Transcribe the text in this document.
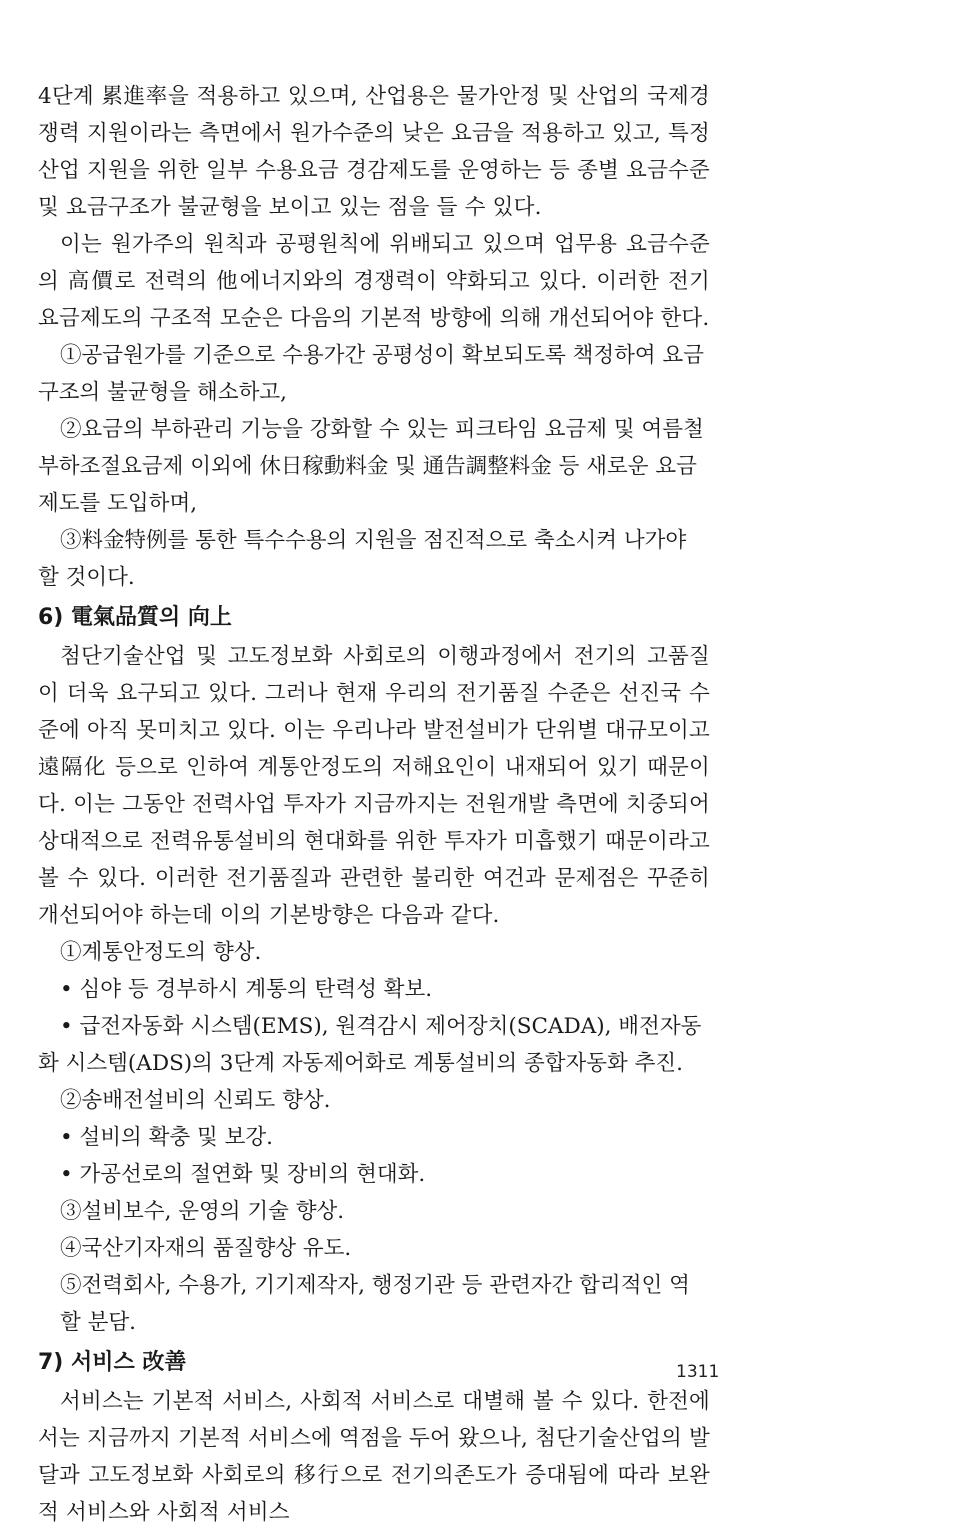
4단계 累進率을 적용하고 있으며, 산업용은 물가안정 및 산업의 국제경쟁력 지원이라는 측면에서 원가수준의 낮은 요금을 적용하고 있고, 특정산업 지원을 위한 일부 수용요금 경감제도를 운영하는 등 종별 요금수준 및 요금구조가 불균형을 보이고 있는 점을 들 수 있다.

이는 원가주의 원칙과 공평원칙에 위배되고 있으며 업무용 요금수준의 高價로 전력의 他에너지와의 경쟁력이 약화되고 있다. 이러한 전기요금제도의 구조적 모순은 다음의 기본적 방향에 의해 개선되어야 한다.

①공급원가를 기준으로 수용가간 공평성이 확보되도록 책정하여 요금구조의 불균형을 해소하고,

②요금의 부하관리 기능을 강화할 수 있는 피크타임 요금제 및 여름철 부하조절요금제 이외에 休日稼動料金 및 通告調整料金 등 새로운 요금제도를 도입하며,

③料金特例를 통한 특수수용의 지원을 점진적으로 축소시켜 나가야 할 것이다.

6) 電氣品質의 向上

첨단기술산업 및 고도정보화 사회로의 이행과정에서 전기의 고품질이 더욱 요구되고 있다. 그러나 현재 우리의 전기품질 수준은 선진국 수준에 아직 못미치고 있다. 이는 우리나라 발전설비가 단위별 대규모이고 遠隔化 등으로 인하여 계통안정도의 저해요인이 내재되어 있기 때문이다. 이는 그동안 전력사업 투자가 지금까지는 전원개발 측면에 치중되어 상대적으로 전력유통설비의 현대화를 위한 투자가 미흡했기 때문이라고 볼 수 있다. 이러한 전기품질과 관련한 불리한 여건과 문제점은 꾸준히 개선되어야 하는데 이의 기본방향은 다음과 같다.

①계통안정도의 향상.

• 심야 등 경부하시 계통의 탄력성 확보.

• 급전자동화 시스템(EMS), 원격감시 제어장치(SCADA), 배전자동화 시스템(ADS)의 3단계 자동제어화로 계통설비의 종합자동화 추진.

②송배전설비의 신뢰도 향상.

• 설비의 확충 및 보강.

• 가공선로의 절연화 및 장비의 현대화.

③설비보수, 운영의 기술 향상.

④국산기자재의 품질향상 유도.

⑤전력회사, 수용가, 기기제작자, 행정기관 등 관련자간 합리적인 역할 분담.

7) 서비스 改善

서비스는 기본적 서비스, 사회적 서비스로 대별해 볼 수 있다. 한전에서는 지금까지 기본적 서비스에 역점을 두어 왔으나, 첨단기술산업의 발달과 고도정보화 사회로의 移行으로 전기의존도가 증대됨에 따라 보완적 서비스와 사회적 서비스

1311
